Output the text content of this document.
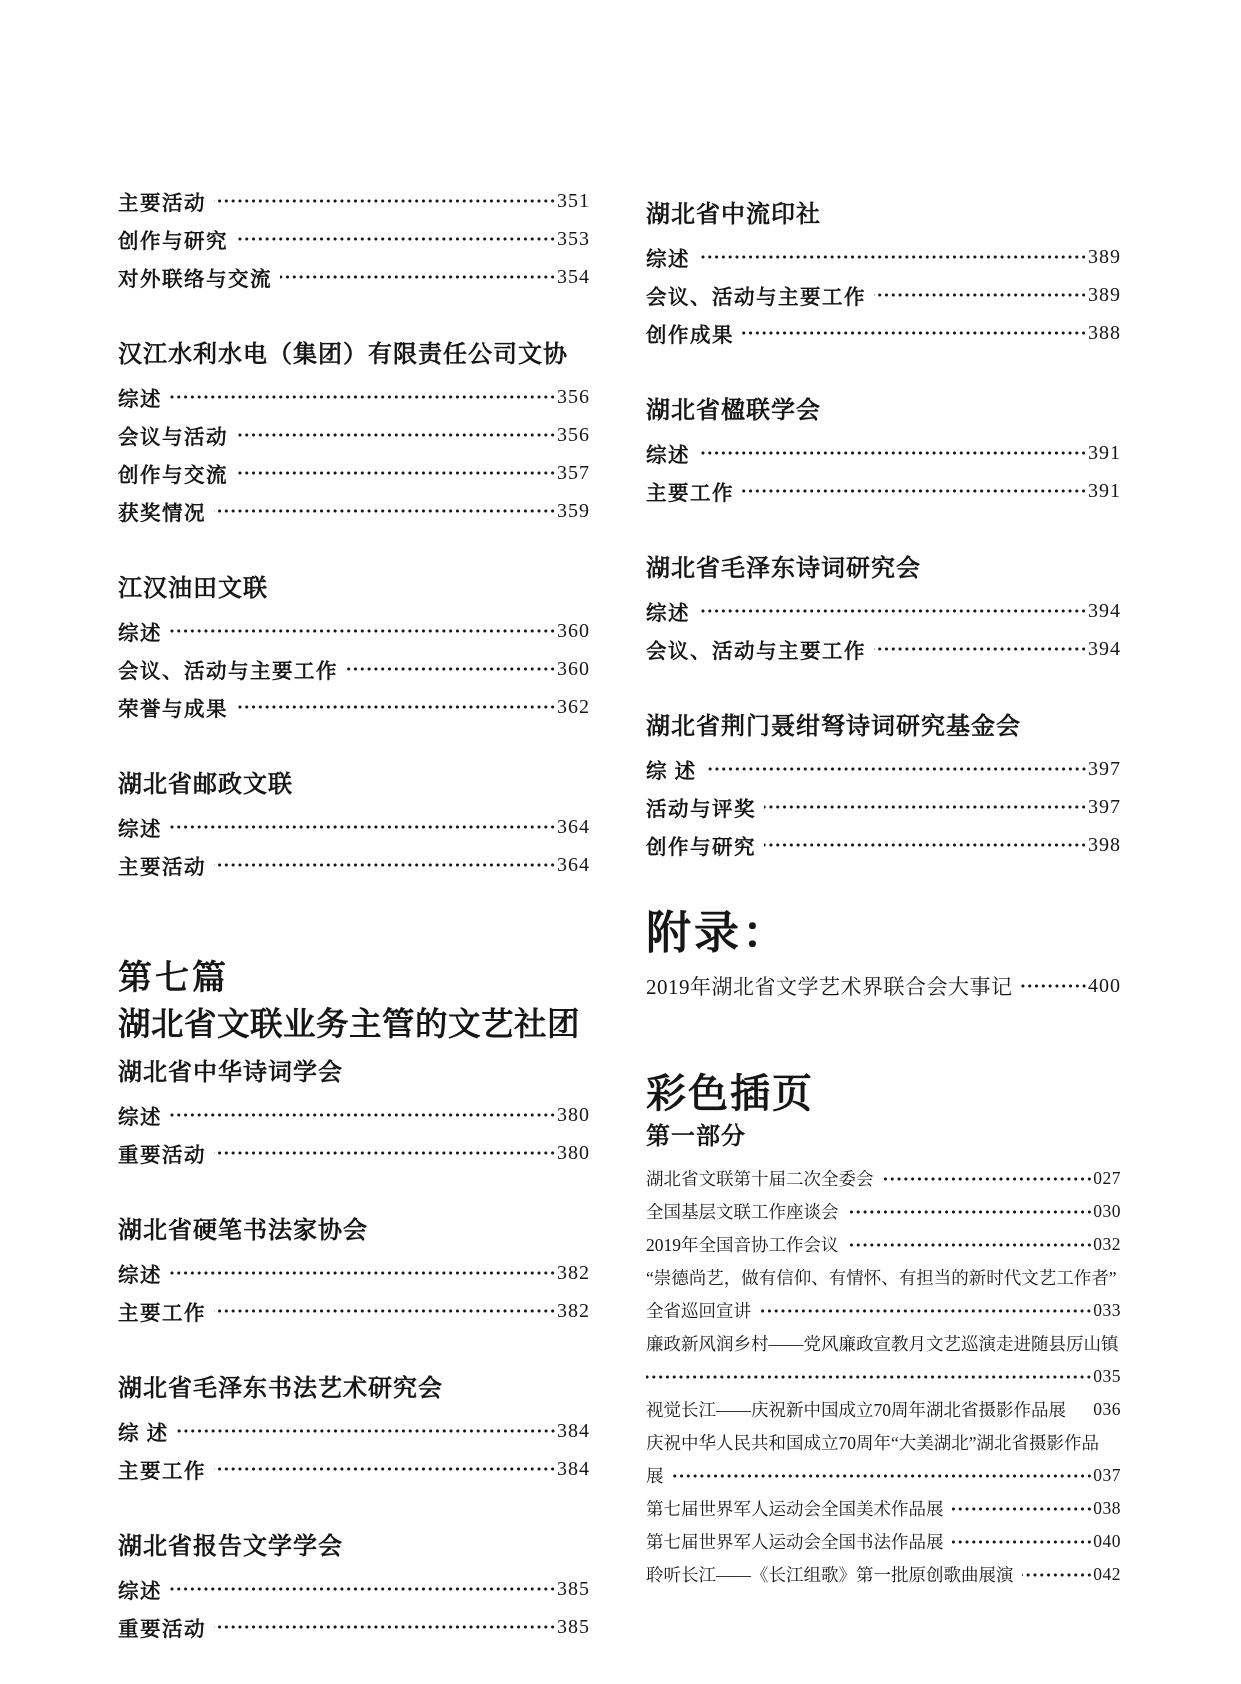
主要活动	351
创作与研究	353
对外联络与交流	354
汉江水利水电（集团）有限责任公司文协
综述	356
会议与活动	356
创作与交流	357
获奖情况	359
江汉油田文联
综述	360
会议、活动与主要工作	360
荣誉与成果	362
湖北省邮政文联
综述	364
主要活动	364
第七篇
湖北省文联业务主管的文艺社团
湖北省中华诗词学会
综述	380
重要活动	380
湖北省硬笔书法家协会
综述	382
主要工作	382
湖北省毛泽东书法艺术研究会
综 述	384
主要工作	384
湖北省报告文学学会
综述	385
重要活动	385
湖北省中流印社
综述	389
会议、活动与主要工作	389
创作成果	388
湖北省楹联学会
综述	391
主要工作	391
湖北省毛泽东诗词研究会
综述	394
会议、活动与主要工作	394
湖北省荆门聂绀弩诗词研究基金会
综 述	397
活动与评奖	397
创作与研究	398
附录：
2019年湖北省文学艺术界联合会大事记	400
彩色插页
第一部分
湖北省文联第十届二次全委会	027
全国基层文联工作座谈会	030
2019年全国音协工作会议	032
“崇德尚艺，做有信仰、有情怀、有担当的新时代文艺工作者”
全省巡回宣讲	033
廉政新风润乡村——党风廉政宣教月文艺巡演走进随县厉山镇
035
视觉长江——庆祝新中国成立70周年湖北省摄影作品展 036
庆祝中华人民共和国成立70周年“大美湖北”湖北省摄影作品
展	037
第七届世界军人运动会全国美术作品展	038
第七届世界军人运动会全国书法作品展	040
聆听长江——《长江组歌》第一批原创歌曲展演	042
